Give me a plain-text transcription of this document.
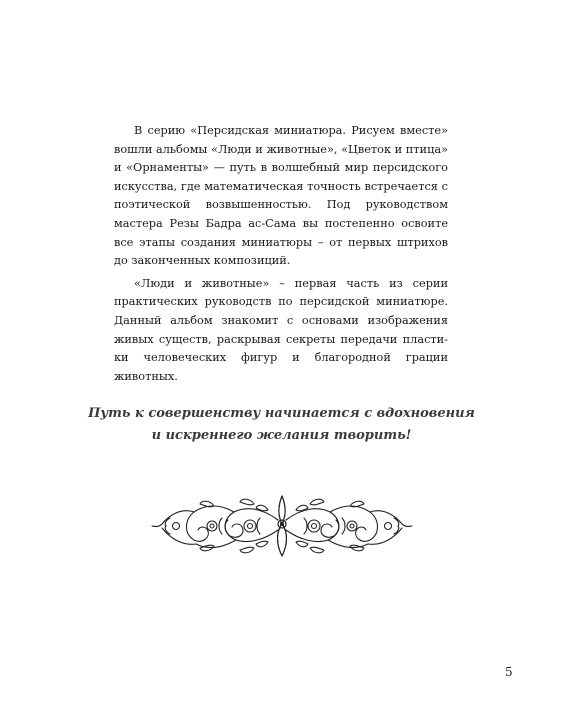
В серию «Персидская миниатюра. Рисуем вместе» вошли альбомы «Люди и животные», «Цветок и птица» и «Орнаменты» — путь в волшебный мир персидского искусства, где математическая точность встречается с поэтической возвышенностью. Под руководством мастера Резы Бадра ас-Сама вы постепенно освоите все этапы создания миниатюры – от первых штрихов до законченных композиций.

«Люди и животные» – первая часть из серии практических руководств по персидской миниатюре. Данный альбом знакомит с основами изображения живых существ, раскрывая секреты передачи пластики человеческих фигур и благородной грации животных.

Путь к совершенству начинается с вдохновения
и искреннего желания творить!
5
